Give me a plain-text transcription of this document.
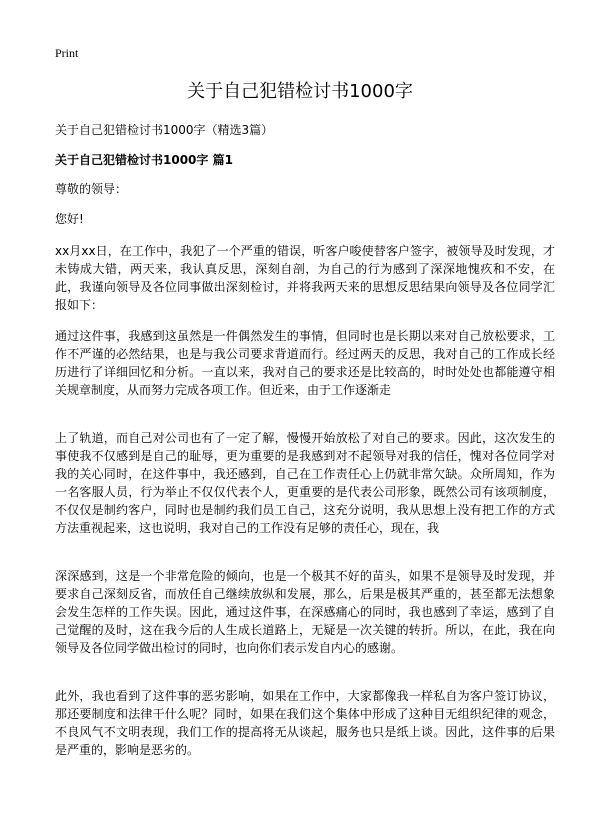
Print
关于自己犯错检讨书1000字
关于自己犯错检讨书1000字（精选3篇）
关于自己犯错检讨书1000字 篇1

尊敬的领导：

您好!

xx月xx日，在工作中，我犯了一个严重的错误，听客户唆使替客户签字，被领导及时发现，才未铸成大错，两天来，我认真反思，深刻自剖，为自己的行为感到了深深地愧疚和不安，在此，我谨向领导及各位同事做出深刻检讨，并将我两天来的思想反思结果向领导及各位同学汇报如下：

通过这件事，我感到这虽然是一件偶然发生的事情，但同时也是长期以来对自己放松要求，工作不严谨的必然结果，也是与我公司要求背道而行。经过两天的反思，我对自己的工作成长经历进行了详细回忆和分析。一直以来，我对自己的要求还是比较高的，时时处处也都能遵守相关规章制度，从而努力完成各项工作。但近来，由于工作逐渐走

上了轨道，而自己对公司也有了一定了解，慢慢开始放松了对自己的要求。因此，这次发生的事使我不仅感到是自己的耻辱，更为重要的是我感到对不起领导对我的信任，愧对各位同学对我的关心同时，在这件事中，我还感到，自己在工作责任心上仍就非常欠缺。众所周知，作为一名客服人员，行为举止不仅仅代表个人，更重要的是代表公司形象，既然公司有该项制度，不仅仅是制约客户，同时也是制约我们员工自己，这充分说明，我从思想上没有把工作的方式方法重视起来，这也说明，我对自己的工作没有足够的责任心，现在，我

深深感到，这是一个非常危险的倾向，也是一个极其不好的苗头，如果不是领导及时发现，并要求自己深刻反省，而放任自己继续放纵和发展，那么，后果是极其严重的，甚至都无法想象会发生怎样的工作失误。因此，通过这件事，在深感痛心的同时，我也感到了幸运，感到了自己觉醒的及时，这在我今后的人生成长道路上，无疑是一次关键的转折。所以，在此，我在向领导及各位同学做出检讨的同时，也向你们表示发自内心的感谢。

此外，我也看到了这件事的恶劣影响，如果在工作中，大家都像我一样私自为客户签订协议，那还要制度和法律干什么呢？同时，如果在我们这个集体中形成了这种目无组织纪律的观念，不良风气不文明表现，我们工作的提高将无从谈起，服务也只是纸上谈。因此，这件事的后果是严重的，影响是恶劣的。
